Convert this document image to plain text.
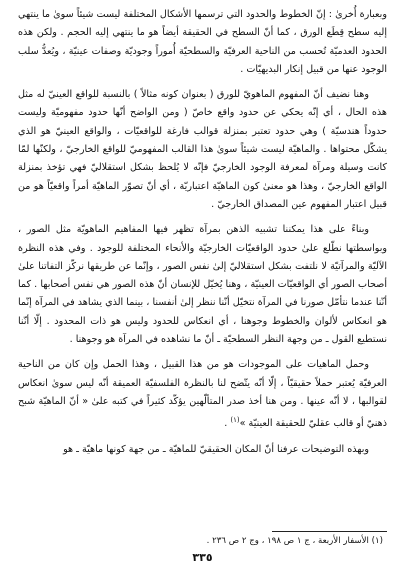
وبعبارة أُخرىٰ : إنّ الخطوط والحدود التي ترسمها الأشكال المختلفة ليست شيئاً سوىٰ ما ينتهي إليه سطح قِطَع الورق ، كما أنّ السطح في الحقيقة أيضاً هو ما ينتهي إليه الحجم . ولكن هذه الحدود العدميّة تُحسب من الناحية العرفيّة والسطحيّة أُموراً وجوديّة وصفات عينيّة ، ويُعدُّ سلب الوجود عنها من قبيل إنكار البديهيّات .

وهنا نضيف أنّ المفهوم الماهويّ للورق ( بعنوان كونه مثالاً ) بالنسبة للواقع العينيّ له مثل هذه الحال ، أي إنّه يحكي عن حدود واقع خاصّ ( ومن الواضح أنّها حدود مفهوميّة وليست حدوداً هندسيّة ) وهي حدود تعتبر بمنزلة قوالب فارغة للواقعيّات ، والواقع العينيّ هو الذي يشكّل محتواها . والماهيّة ليست شيئاً سوىٰ هذا القالب المفهوميّ للواقع الخارجيّ ، ولكنّها لمّا كانت وسيلة ومرآة لمعرفة الوجود الخارجيّ فإنّه لا يُلحظ بشكل استقلاليّ فهي تؤخذ بمنزلة الواقع الخارجيّ ، وهذا هو معنىٰ كون الماهيّة اعتباريّة ، أي أنّ تصوّر الماهيّة أمراً واقعيّاً هو من قبيل اعتبار المفهوم عين المصداق الخارجيّ .

وبناءً على هذا يمكننا تشبيه الذهن بمرآة تظهر فيها المفاهيم الماهويّة مثل الصور ، وبواسطتها نطّلع علىٰ حدود الواقعيّات الخارجيّة والأنحاء المختلفة للوجود . وفي هذه النظرة الآليّة والمرآتيّة لا نلتفت بشكل استقلاليّ إلىٰ نفس الصور ، وإنّما عن طريقها نركّز التفاتنا علىٰ أصحاب الصور أي الواقعيّات العينيّة ، وهنا يُخيّل للإنسان أنّ هذه الصور هي نفس أصحابها . كما أنّنا عندما نتأمّل صورنا في المرآة نتخيّل أنّنا ننظر إلىٰ أنفسنا ، بينما الذي يشاهد في المرآة إنّما هو انعكاس لألوان والخطوط وجوهنا ، أي انعكاس للحدود وليس هو ذات المحدود . إلّا أنّنا نستطيع القول ـ من وجهة النظر السطحيّة ـ أنّ ما نشاهده في المرآة هو وجوهنا .

وحمل الماهيات على الموجودات هو من هذا القبيل ، وهذا الحمل وإن كان من الناحية العرفيّة يُعتبر حملاً حقيقيّاً ، إلّا أنّه يتّضح لنا بالنظرة الفلسفيّة العميقة أنّه ليس سوىٰ انعكاس لقوالبها ، لا أنّه عينها . ومن هنا أخذ صدر المتألّهين يؤكّد كثيراً في كتبه علىٰ « أنّ الماهيّة شبح ذهنيّ أو قالب عقليّ للحقيقة العينيّة »$^{(١)}$ .

وبهذه التوضيحات عرفنا أنّ المكان الحقيقيّ للماهيّة ـ من جهة كونها ماهيّة ـ هو

(١) الأسفار الأربعة ، ج ١ ص ١٩٨ ، وج ٢ ص ٢٣٦ .
٣٣٥
